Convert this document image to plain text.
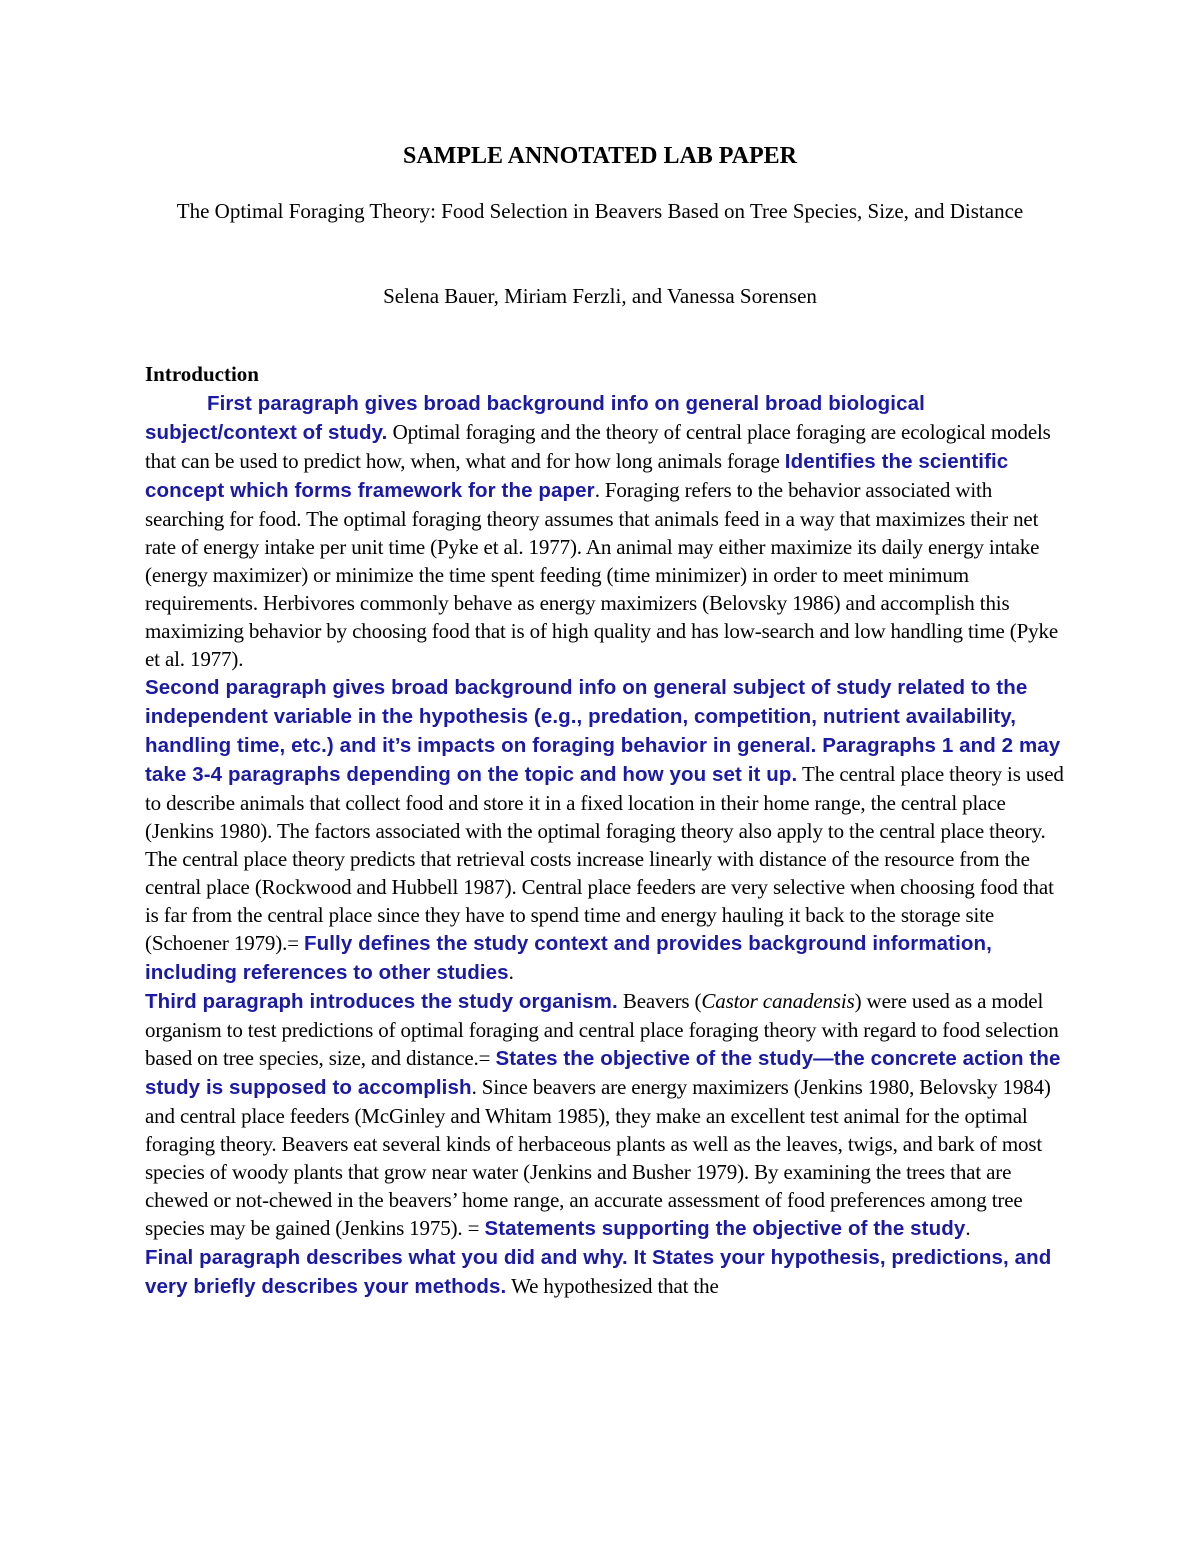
SAMPLE ANNOTATED LAB PAPER

The Optimal Foraging Theory: Food Selection in Beavers Based on Tree Species, Size, and Distance

Selena Bauer, Miriam Ferzli, and Vanessa Sorensen

Introduction

First paragraph gives broad background info on general broad biological subject/context of study. Optimal foraging and the theory of central place foraging are ecological models that can be used to predict how, when, what and for how long animals forage Identifies the scientific concept which forms framework for the paper. Foraging refers to the behavior associated with searching for food. The optimal foraging theory assumes that animals feed in a way that maximizes their net rate of energy intake per unit time (Pyke et al. 1977). An animal may either maximize its daily energy intake (energy maximizer) or minimize the time spent feeding (time minimizer) in order to meet minimum requirements. Herbivores commonly behave as energy maximizers (Belovsky 1986) and accomplish this maximizing behavior by choosing food that is of high quality and has low-search and low handling time (Pyke et al. 1977).

Second paragraph gives broad background info on general subject of study related to the independent variable in the hypothesis (e.g., predation, competition, nutrient availability, handling time, etc.) and it’s impacts on foraging behavior in general. Paragraphs 1 and 2 may take 3-4 paragraphs depending on the topic and how you set it up. The central place theory is used to describe animals that collect food and store it in a fixed location in their home range, the central place (Jenkins 1980). The factors associated with the optimal foraging theory also apply to the central place theory. The central place theory predicts that retrieval costs increase linearly with distance of the resource from the central place (Rockwood and Hubbell 1987). Central place feeders are very selective when choosing food that is far from the central place since they have to spend time and energy hauling it back to the storage site (Schoener 1979).= Fully defines the study context and provides background information, including references to other studies.

Third paragraph introduces the study organism. Beavers (Castor canadensis) were used as a model organism to test predictions of optimal foraging and central place foraging theory with regard to food selection based on tree species, size, and distance.= States the objective of the study—the concrete action the study is supposed to accomplish. Since beavers are energy maximizers (Jenkins 1980, Belovsky 1984) and central place feeders (McGinley and Whitam 1985), they make an excellent test animal for the optimal foraging theory. Beavers eat several kinds of herbaceous plants as well as the leaves, twigs, and bark of most species of woody plants that grow near water (Jenkins and Busher 1979). By examining the trees that are chewed or not-chewed in the beavers’ home range, an accurate assessment of food preferences among tree species may be gained (Jenkins 1975). = Statements supporting the objective of the study.

Final paragraph describes what you did and why. It States your hypothesis, predictions, and very briefly describes your methods. We hypothesized that the
